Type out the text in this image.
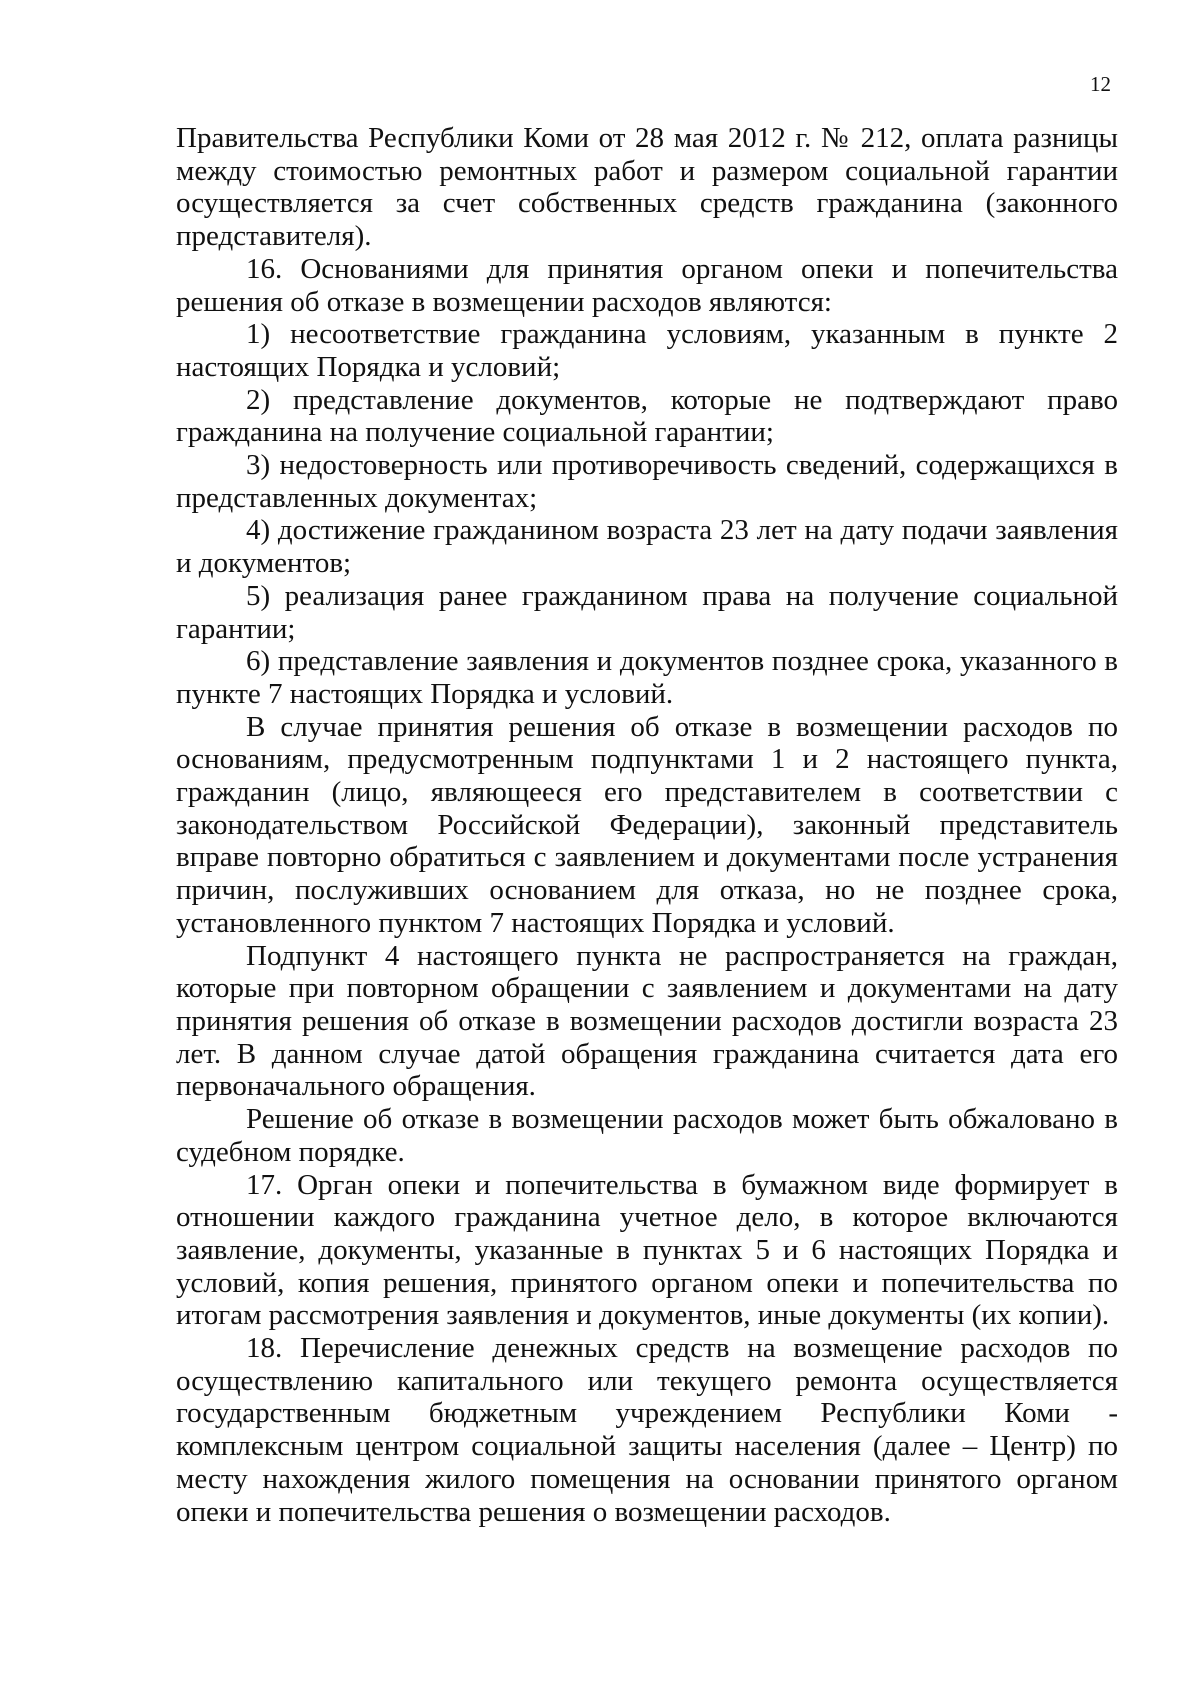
12

Правительства Республики Коми от 28 мая 2012 г. № 212, оплата разницы между стоимостью ремонтных работ и размером социальной гарантии осуществляется за счет собственных средств гражданина (законного представителя).

16. Основаниями для принятия органом опеки и попечительства решения об отказе в возмещении расходов являются:

1) несоответствие гражданина условиям, указанным в пункте 2 настоящих Порядка и условий;

2) представление документов, которые не подтверждают право гражданина на получение социальной гарантии;

3) недостоверность или противоречивость сведений, содержащихся в представленных документах;

4) достижение гражданином возраста 23 лет на дату подачи заявления и документов;

5) реализация ранее гражданином права на получение социальной гарантии;

6) представление заявления и документов позднее срока, указанного в пункте 7 настоящих Порядка и условий.

В случае принятия решения об отказе в возмещении расходов по основаниям, предусмотренным подпунктами 1 и 2 настоящего пункта, гражданин (лицо, являющееся его представителем в соответствии с законодательством Российской Федерации), законный представитель вправе повторно обратиться с заявлением и документами после устранения причин, послуживших основанием для отказа, но не позднее срока, установленного пунктом 7 настоящих Порядка и условий.

Подпункт 4 настоящего пункта не распространяется на граждан, которые при повторном обращении с заявлением и документами на дату принятия решения об отказе в возмещении расходов достигли возраста 23 лет. В данном случае датой обращения гражданина считается дата его первоначального обращения.

Решение об отказе в возмещении расходов может быть обжаловано в судебном порядке.

17. Орган опеки и попечительства в бумажном виде формирует в отношении каждого гражданина учетное дело, в которое включаются заявление, документы, указанные в пунктах 5 и 6 настоящих Порядка и условий, копия решения, принятого органом опеки и попечительства по итогам рассмотрения заявления и документов, иные документы (их копии).

18. Перечисление денежных средств на возмещение расходов по осуществлению капитального или текущего ремонта осуществляется государственным бюджетным учреждением Республики Коми - комплексным центром социальной защиты населения (далее – Центр) по месту нахождения жилого помещения на основании принятого органом опеки и попечительства решения о возмещении расходов.
